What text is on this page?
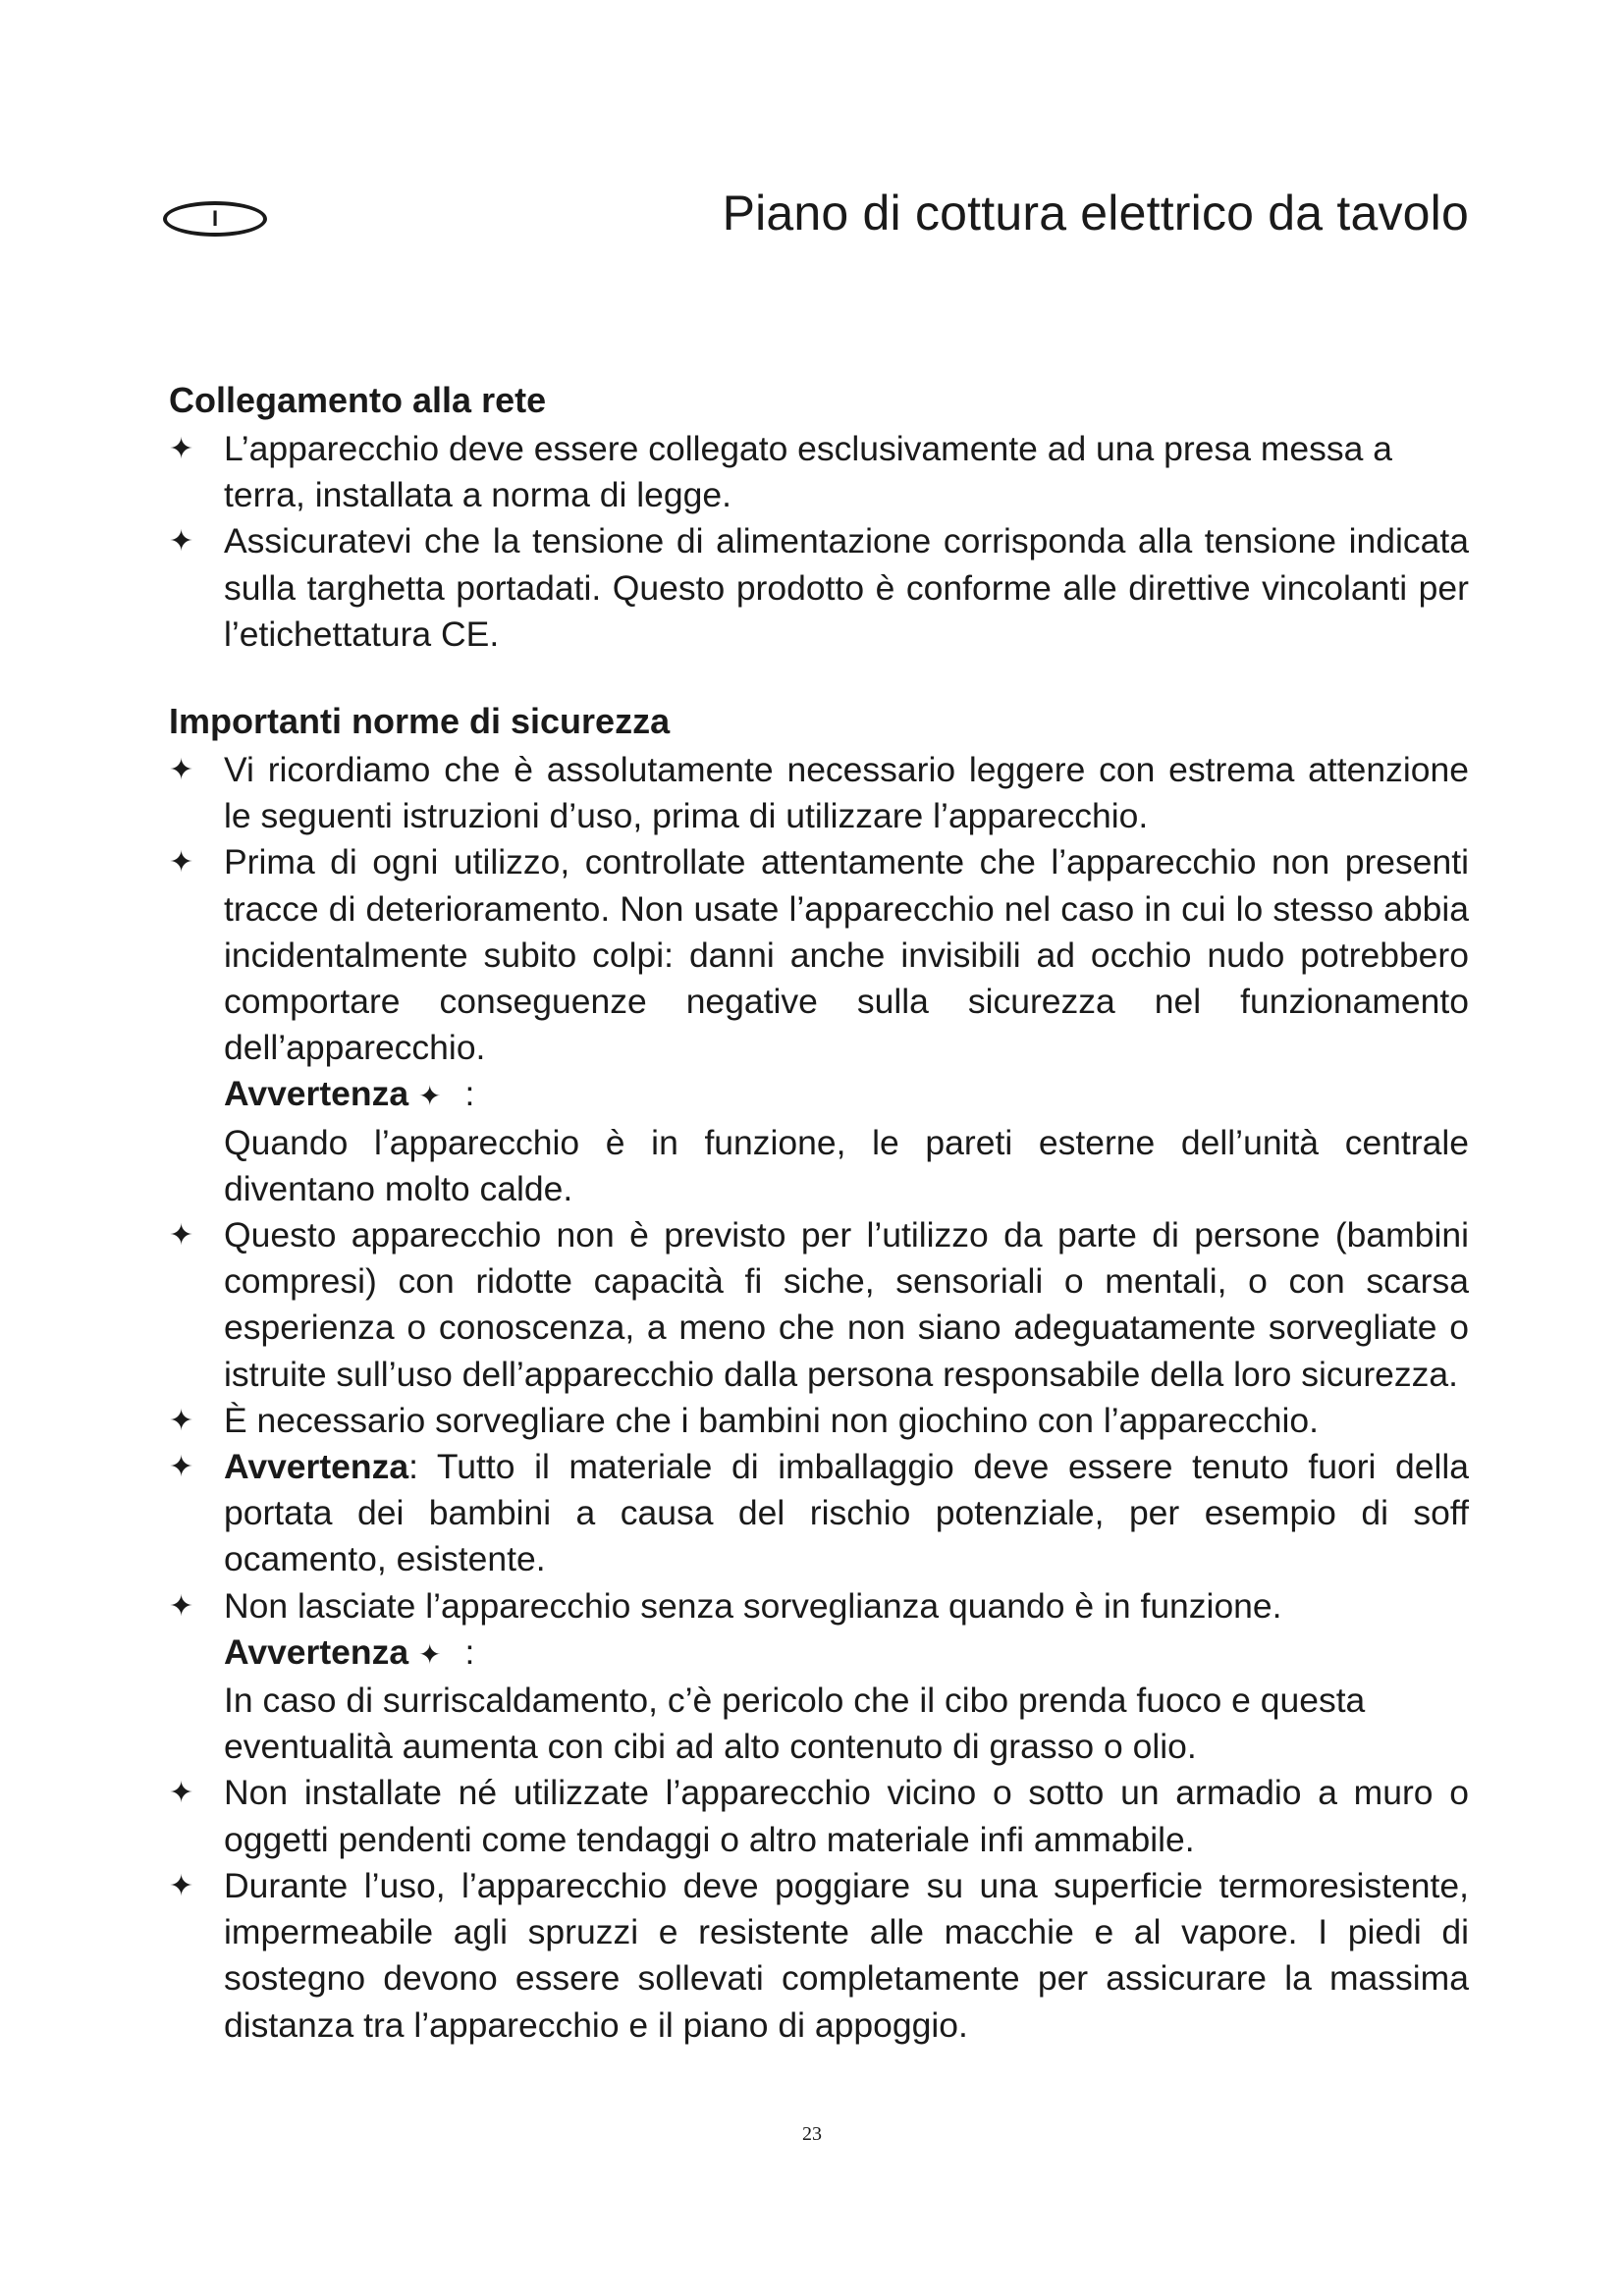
I	Piano di cottura elettrico da tavolo
Collegamento alla rete
✦ L’apparecchio deve essere collegato esclusivamente ad una presa messa a terra, installata a norma di legge.

✦ Assicuratevi che la tensione di alimentazione corrisponda alla tensione indicata sulla targhetta portadati. Questo prodotto è conforme alle direttive vincolanti per l’etichettatura CE.

Importanti norme di sicurezza
✦ Vi ricordiamo che è assolutamente necessario leggere con estrema attenzione le seguenti istruzioni d’uso, prima di utilizzare l’apparecchio.

✦ Prima di ogni utilizzo, controllate attentamente che l’apparecchio non presenti tracce di deterioramento. Non usate l’apparecchio nel caso in cui lo stesso abbia incidentalmente subito colpi: danni anche invisibili ad occhio nudo potrebbero comportare conseguenze negative sulla sicurezza nel funzionamento dell’apparecchio.

Avvertenza ✦ :

Quando l’apparecchio è in funzione, le pareti esterne dell’unità centrale diventano molto calde.

✦ Questo apparecchio non è previsto per l’utilizzo da parte di persone (bambini compresi) con ridotte capacità fi siche, sensoriali o mentali, o con scarsa esperienza o conoscenza, a meno che non siano adeguatamente sorvegliate o istruite sull’uso dell’apparecchio dalla persona responsabile della loro sicurezza.

✦ È necessario sorvegliare che i bambini non giochino con l’apparecchio.

✦ Avvertenza: Tutto il materiale di imballaggio deve essere tenuto fuori della portata dei bambini a causa del rischio potenziale, per esempio di soff ocamento, esistente.

✦ Non lasciate l’apparecchio senza sorveglianza quando è in funzione.

Avvertenza ✦ :

In caso di surriscaldamento, c’è pericolo che il cibo prenda fuoco e questa eventualità aumenta con cibi ad alto contenuto di grasso o olio.

✦ Non installate né utilizzate l’apparecchio vicino o sotto un armadio a muro o oggetti pendenti come tendaggi o altro materiale infi ammabile.

✦ Durante l’uso, l’apparecchio deve poggiare su una superficie termoresistente, impermeabile agli spruzzi e resistente alle macchie e al vapore. I piedi di sostegno devono essere sollevati completamente per assicurare la massima distanza tra l’apparecchio e il piano di appoggio.

23
